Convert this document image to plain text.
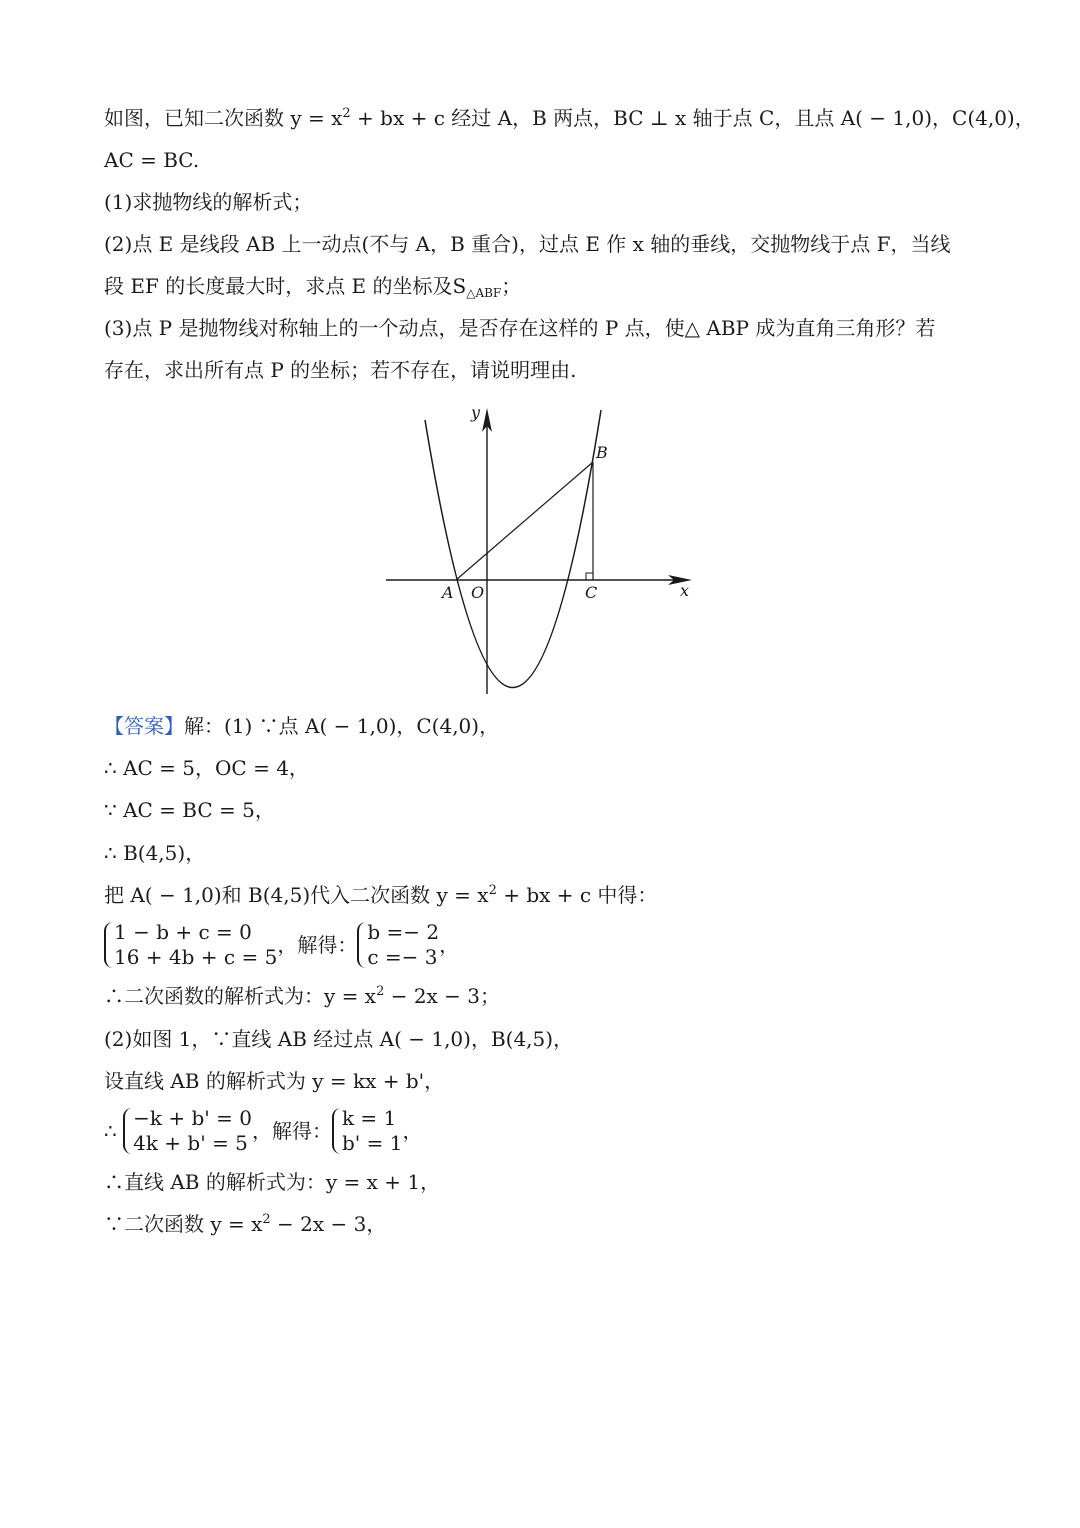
如图，已知二次函数 $y = x^2$ + bx + c 经过 A，B 两点，BC ⊥ x 轴于点 C，且点 A( − 1,0)，C(4,0)，
AC = BC.
(1)求抛物线的解析式；
(2)点 E 是线段 AB 上一动点(不与 A，B 重合)，过点 E 作 x 轴的垂线，交抛物线于点 F，当线
段 EF 的长度最大时，求点 E 的坐标及$S_{\triangle ABF}$；
(3)点 P 是抛物线对称轴上的一个动点，是否存在这样的 P 点，使△ ABP 成为直角三角形？若
存在，求出所有点 P 的坐标；若不存在，请说明理由.
y
x
A O
B
C
【答案】解：(1) ∵点 A( − 1,0)，C(4,0)，
∴ AC = 5，OC = 4，
∵ AC = BC = 5，
∴ B(4,5)，
把 A( − 1,0)和 B(4,5)代入二次函数 $y = x^2$ + bx + c 中得：
1 − b + c = 0
16 + 4b + c = 5 ，解得：
b =− 2
c =− 3 ，
∴二次函数的解析式为：$y = x^2 - 2x - 3$；
(2)如图 1，∵直线 AB 经过点 A( − 1,0)，B(4,5)，
设直线 AB 的解析式为 y = kx + b'，
∴
−k + b' = 0
4k + b' = 5 ，解得：
k = 1
b' = 1 ，
∴直线 AB 的解析式为：y = x + 1，
∵二次函数 $y = x^2 - 2x - 3$，
